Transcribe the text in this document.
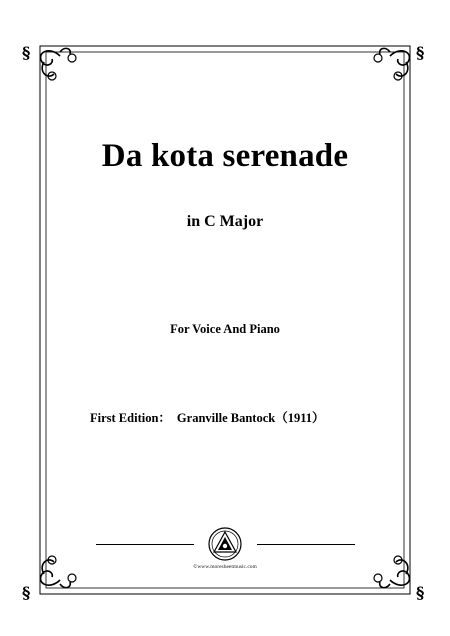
§	§
§	§
Da kota serenade
in C Major
For Voice And Piano
First Edition： Granville Bantock（1911）
©www.moresheetmusic.com
